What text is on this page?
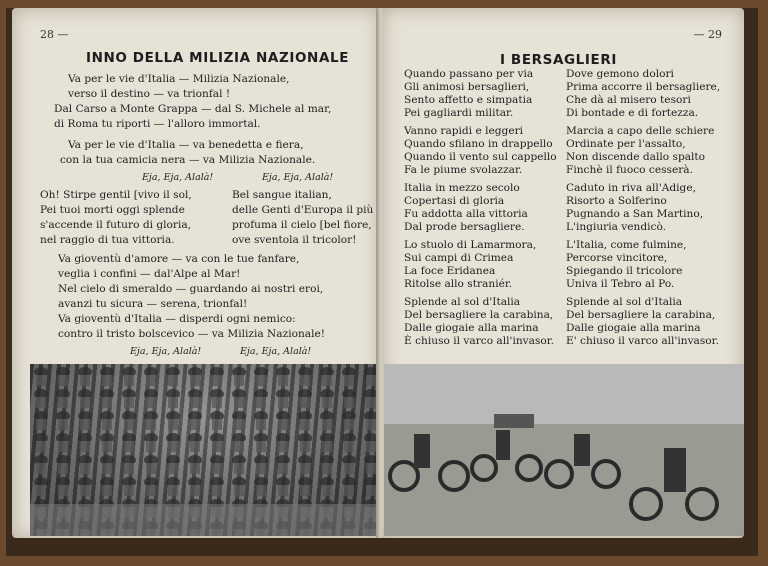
28 —
INNO DELLA MILIZIA NAZIONALE
Va per le vie d'Italia — Milizia Nazionale,
verso il destino — va trionfal !
Dal Carso a Monte Grappa — dal S. Michele al mar,
di Roma tu riporti — l'alloro immortal.
Va per le vie d'Italia — va benedetta e fiera,
con la tua camicia nera — va Milizia Nazionale.
Eja, Eja, Alalà!	Eja, Eja, Alalà!
Oh! Stirpe gentil [vivo il sol,
Pei tuoi morti oggi splende
s'accende il futuro di gloria,
nel raggio di tua vittoria.
Bel sangue italian,
delle Genti d'Europa il più
profuma il cielo [bel fiore,
ove sventola il tricolor!
Va gioventù d'amore — va con le tue fanfare,
veglia i confini — dal'Alpe al Mar!
Nel cielo di smeraldo — guardando ai nostri eroi,
avanzi tu sicura — serena, trionfal!
Va gioventù d'Italia — disperdi ogni nemico:
contro il tristo bolscevico — va Milizia Nazionale!
Eja, Eja, Alalà!	Eja, Eja, Alalà!
— 29
I BERSAGLIERI
Quando passano per via
Gli animosi bersaglieri,
Sento affetto e simpatia
Pei gagliardi militar.
Vanno rapidi e leggeri
Quando sfilano in drappello
Quando il vento sul cappello
Fa le piume svolazzar.
Italia in mezzo secolo
Copertasi di gloria
Fu addotta alla vittoria
Dal prode bersagliere.
Lo stuolo di Lamarmora,
Sui campi di Crimea
La foce Eridanea
Ritolse allo straniér.
Splende al sol d'Italia
Del bersagliere la carabina,
Dalle giogaie alla marina
È chiuso il varco all'invasor.
Dove gemono dolori
Prima accorre il bersagliere,
Che dà al misero tesori
Di bontade e di fortezza.
Marcia a capo delle schiere
Ordinate per l'assalto,
Non discende dallo spalto
Finchè il fuoco cesserà.
Caduto in riva all'Adige,
Risorto a Solferino
Pugnando a San Martino,
L'ingiuria vendicò.
L'Italia, come fulmine,
Percorse vincitore,
Spiegando il tricolore
Univa il Tebro al Po.
Splende al sol d'Italia
Del bersagliere la carabina,
Dalle giogaie alla marina
E' chiuso il varco all'invasor.
